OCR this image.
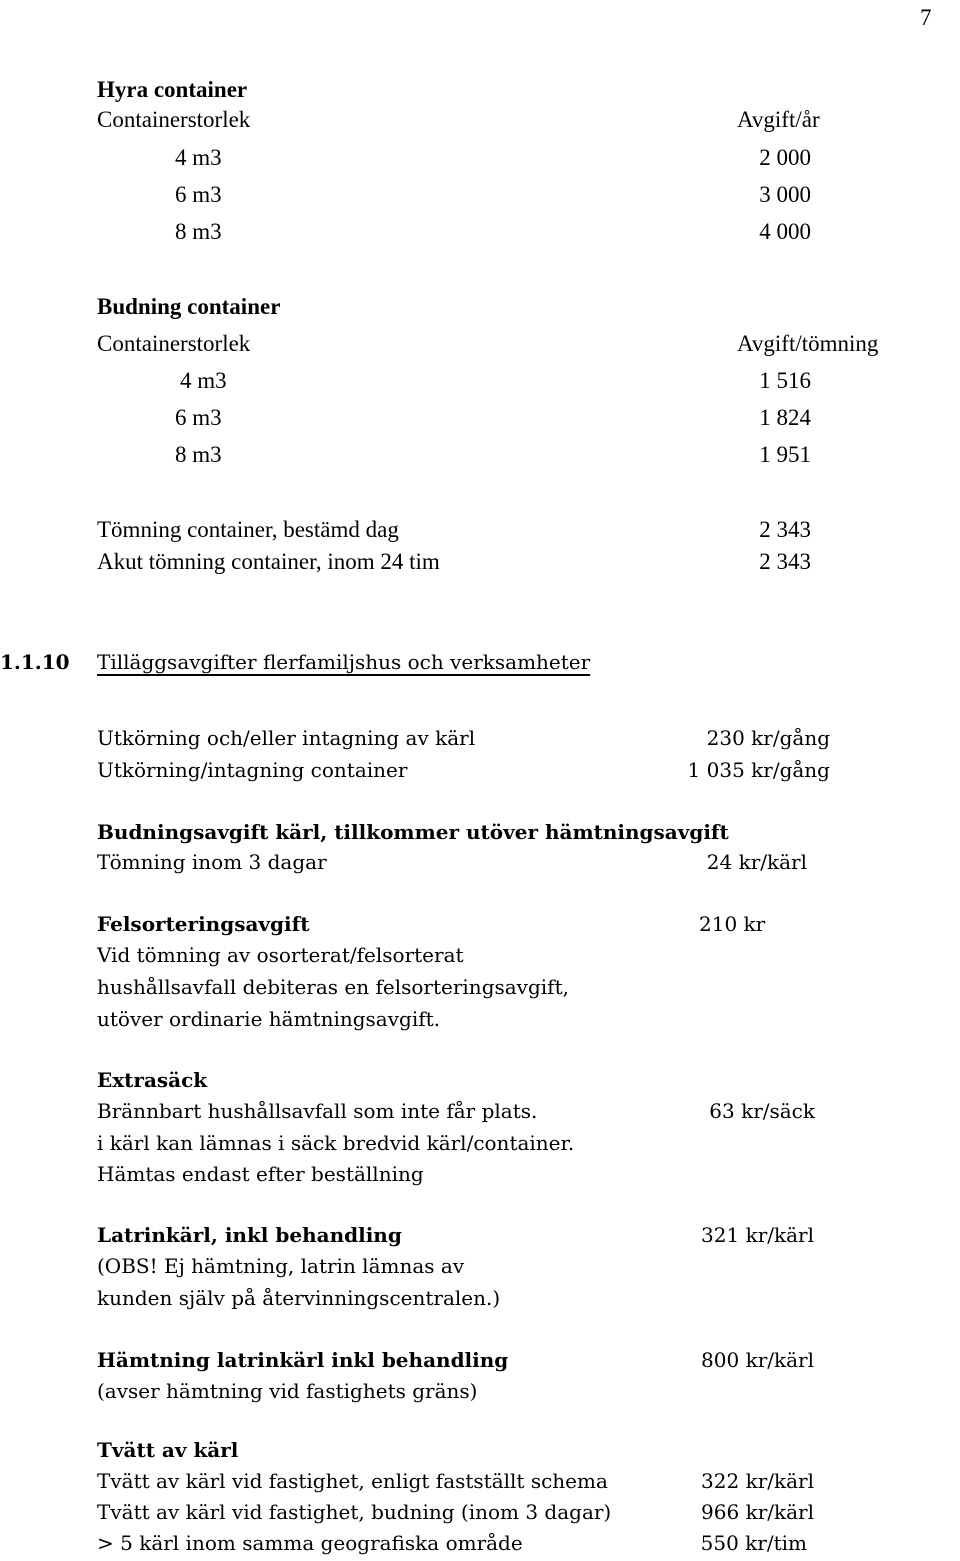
7
Hyra container
Containerstorlek	Avgift/år
4 m3	2 000
6 m3	3 000
8 m3	4 000
Budning container
Containerstorlek	Avgift/tömning
4 m3	1 516
6 m3	1 824
8 m3	1 951
Tömning container, bestämd dag	2 343
Akut tömning container, inom 24 tim	2 343
1.1.10 Tilläggsavgifter flerfamiljshus och verksamheter
Utkörning och/eller intagning av kärl	230 kr/gång
Utkörning/intagning container	1 035 kr/gång
Budningsavgift kärl, tillkommer utöver hämtningsavgift
Tömning inom 3 dagar	24 kr/kärl
Felsorteringsavgift	210 kr
Vid tömning av osorterat/felsorterat
hushållsavfall debiteras en felsorteringsavgift,
utöver ordinarie hämtningsavgift.
Extrasäck
Brännbart hushållsavfall som inte får plats.	63 kr/säck
i kärl kan lämnas i säck bredvid kärl/container.
Hämtas endast efter beställning
Latrinkärl, inkl behandling	321 kr/kärl
(OBS! Ej hämtning, latrin lämnas av
kunden själv på återvinningscentralen.)
Hämtning latrinkärl inkl behandling	800 kr/kärl
(avser hämtning vid fastighets gräns)
Tvätt av kärl
Tvätt av kärl vid fastighet, enligt fastställt schema	322 kr/kärl
Tvätt av kärl vid fastighet, budning (inom 3 dagar)	966 kr/kärl
> 5 kärl inom samma geografiska område	550 kr/tim
